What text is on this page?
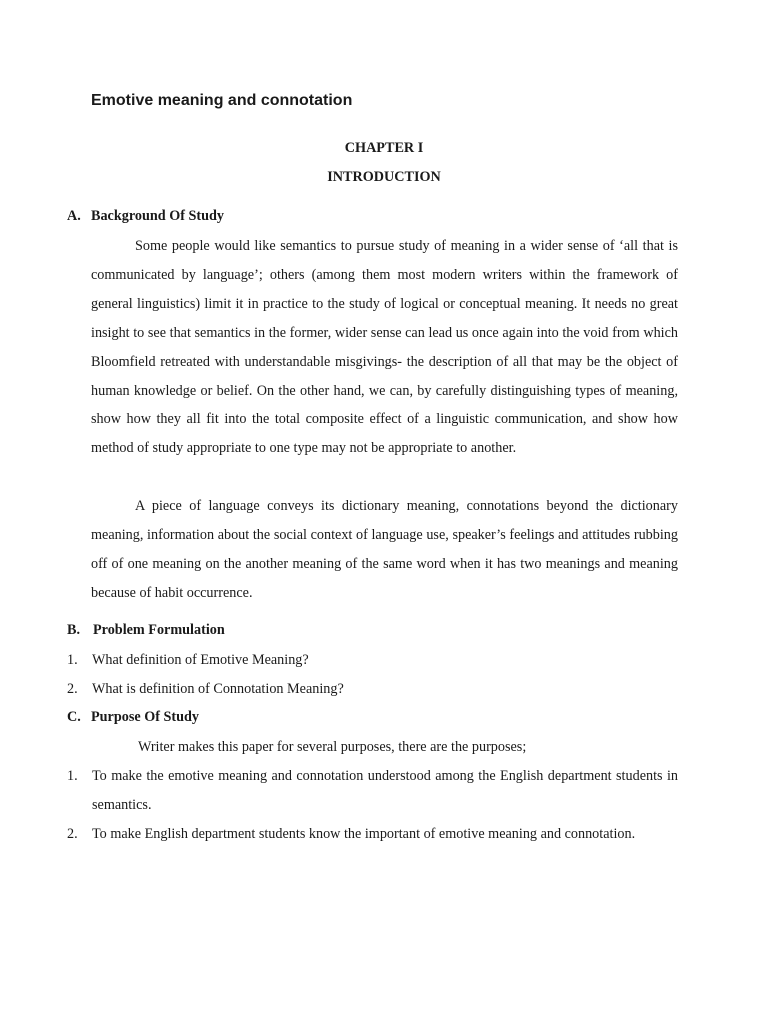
Emotive meaning and connotation
CHAPTER I
INTRODUCTION
A. Background Of Study

Some people would like semantics to pursue study of meaning in a wider sense of ‘all that is communicated by language’; others (among them most modern writers within the framework of general linguistics) limit it in practice to the study of logical or conceptual meaning. It needs no great insight to see that semantics in the former, wider sense can lead us once again into the void from which Bloomfield retreated with understandable misgivings- the description of all that may be the object of human knowledge or belief. On the other hand, we can, by carefully distinguishing types of meaning, show how they all fit into the total composite effect of a linguistic communication, and show how method of study appropriate to one type may not be appropriate to another.

A piece of language conveys its dictionary meaning, connotations beyond the dictionary meaning, information about the social context of language use, speaker’s feelings and attitudes rubbing off of one meaning on the another meaning of the same word when it has two meanings and meaning because of habit occurrence.

B. Problem Formulation
1. What definition of Emotive Meaning?
2. What is definition of Connotation Meaning?
C. Purpose Of Study

Writer makes this paper for several purposes, there are the purposes;

1. To make the emotive meaning and connotation understood among the English department students in semantics.
2. To make English department students know the important of emotive meaning and connotation.
